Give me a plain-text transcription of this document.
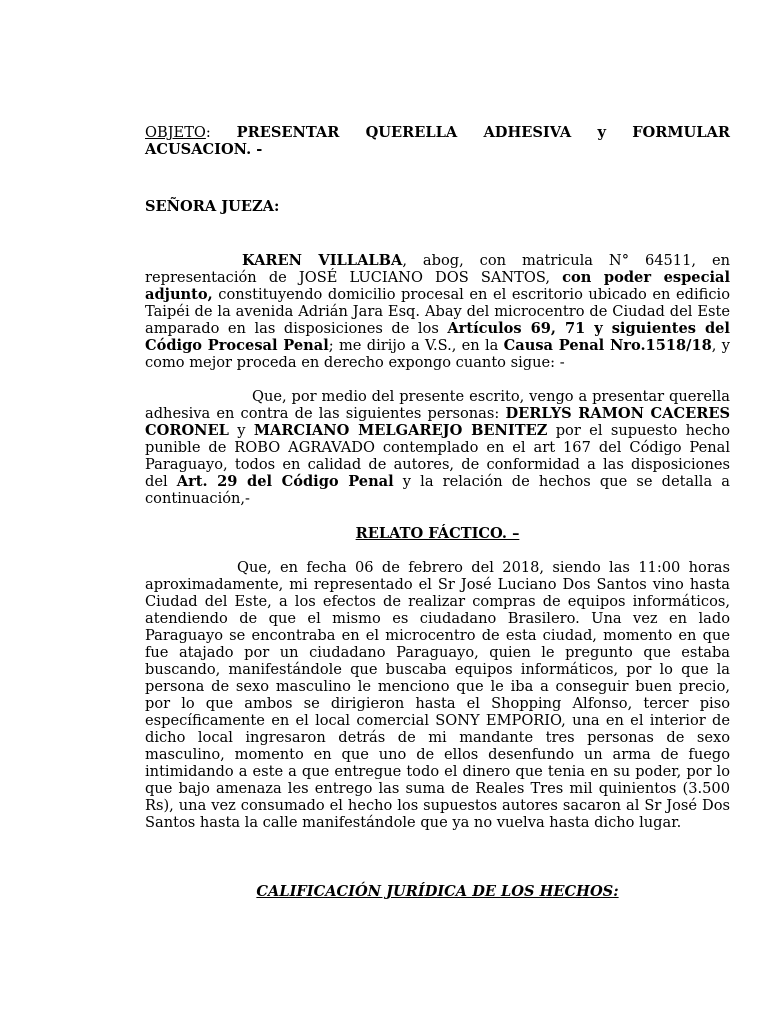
OBJETO: PRESENTAR QUERELLA ADHESIVA y FORMULAR ACUSACION. -

SEÑORA JUEZA:

KAREN VILLALBA, abog, con matricula N° 64511, en representación de JOSÉ LUCIANO DOS SANTOS, con poder especial adjunto, constituyendo domicilio procesal en el escritorio ubicado en edificio Taipéi de la avenida Adrián Jara Esq. Abay del microcentro de Ciudad del Este amparado en las disposiciones de los Artículos 69, 71 y siguientes del Código Procesal Penal; me dirijo a V.S., en la Causa Penal Nro.1518/18, y como mejor proceda en derecho expongo cuanto sigue: -

Que, por medio del presente escrito, vengo a presentar querella adhesiva en contra de las siguientes personas: DERLYS RAMON CACERES CORONEL y MARCIANO MELGAREJO BENITEZ por el supuesto hecho punible de ROBO AGRAVADO contemplado en el art 167 del Código Penal Paraguayo, todos en calidad de autores, de conformidad a las disposiciones del Art. 29 del Código Penal y la relación de hechos que se detalla a continuación,-

RELATO FÁCTICO. –

Que, en fecha 06 de febrero del 2018, siendo las 11:00 horas aproximadamente, mi representado el Sr José Luciano Dos Santos vino hasta Ciudad del Este, a los efectos de realizar compras de equipos informáticos, atendiendo de que el mismo es ciudadano Brasilero. Una vez en lado Paraguayo se encontraba en el microcentro de esta ciudad, momento en que fue atajado por un ciudadano Paraguayo, quien le pregunto que estaba buscando, manifestándole que buscaba equipos informáticos, por lo que la persona de sexo masculino le menciono que le iba a conseguir buen precio, por lo que ambos se dirigieron hasta el Shopping Alfonso, tercer piso específicamente en el local comercial SONY EMPORIO, una en el interior de dicho local ingresaron detrás de mi mandante tres personas de sexo masculino, momento en que uno de ellos desenfundo un arma de fuego intimidando a este a que entregue todo el dinero que tenia en su poder, por lo que bajo amenaza les entrego las suma de Reales Tres mil quinientos (3.500 Rs), una vez consumado el hecho los supuestos autores sacaron al Sr José Dos Santos hasta la calle manifestándole que ya no vuelva hasta dicho lugar.

CALIFICACIÓN JURÍDICA DE LOS HECHOS:
